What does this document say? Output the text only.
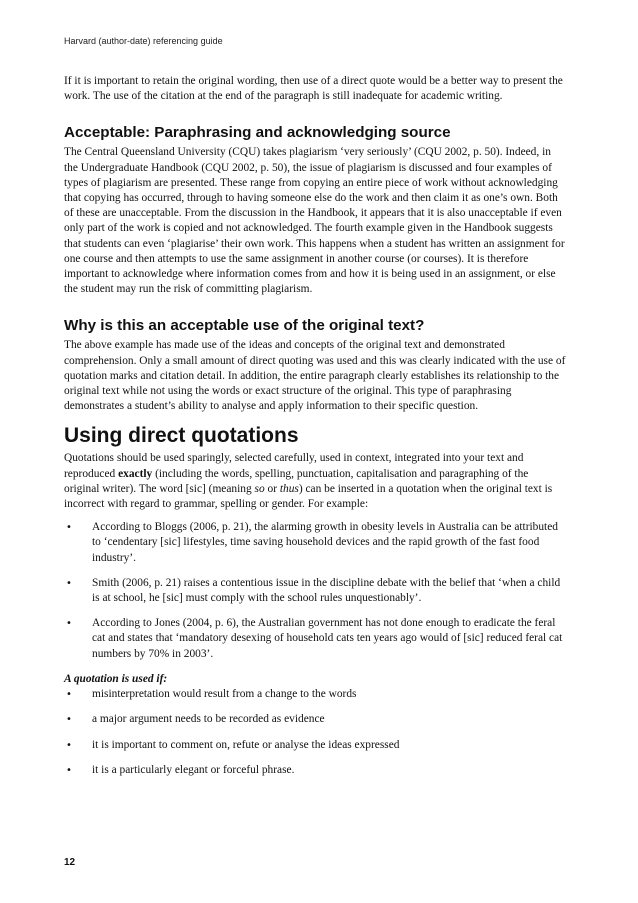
Harvard (author-date) referencing guide

If it is important to retain the original wording, then use of a direct quote would be a better way to present the work. The use of the citation at the end of the paragraph is still inadequate for academic writing.

Acceptable: Paraphrasing and acknowledging source

The Central Queensland University (CQU) takes plagiarism ‘very seriously’ (CQU 2002, p. 50). Indeed, in the Undergraduate Handbook (CQU 2002, p. 50), the issue of plagiarism is discussed and four examples of types of plagiarism are presented. These range from copying an entire piece of work without acknowledging that copying has occurred, through to having someone else do the work and then claim it as one’s own. Both of these are unacceptable. From the discussion in the Handbook, it appears that it is also unacceptable if even only part of the work is copied and not acknowledged. The fourth example given in the Handbook suggests that students can even ‘plagiarise’ their own work. This happens when a student has written an assignment for one course and then attempts to use the same assignment in another course (or courses). It is therefore important to acknowledge where information comes from and how it is being used in an assignment, or else the student may run the risk of committing plagiarism.

Why is this an acceptable use of the original text?

The above example has made use of the ideas and concepts of the original text and demonstrated comprehension. Only a small amount of direct quoting was used and this was clearly indicated with the use of quotation marks and citation detail. In addition, the entire paragraph clearly establishes its relationship to the original text while not using the words or exact structure of the original. This type of paraphrasing demonstrates a student’s ability to analyse and apply information to their specific question.

Using direct quotations

Quotations should be used sparingly, selected carefully, used in context, integrated into your text and reproduced exactly (including the words, spelling, punctuation, capitalisation and paragraphing of the original writer). The word [sic] (meaning so or thus) can be inserted in a quotation when the original text is incorrect with regard to grammar, spelling or gender. For example:

• According to Bloggs (2006, p. 21), the alarming growth in obesity levels in Australia can be attributed to ‘cendentary [sic] lifestyles, time saving household devices and the rapid growth of the fast food industry’.
• Smith (2006, p. 21) raises a contentious issue in the discipline debate with the belief that ‘when a child is at school, he [sic] must comply with the school rules unquestionably’.
• According to Jones (2004, p. 6), the Australian government has not done enough to eradicate the feral cat and states that ‘mandatory desexing of household cats ten years ago would of [sic] reduced feral cat numbers by 70% in 2003’.

A quotation is used if:

• misinterpretation would result from a change to the words
• a major argument needs to be recorded as evidence
• it is important to comment on, refute or analyse the ideas expressed
• it is a particularly elegant or forceful phrase.
12
